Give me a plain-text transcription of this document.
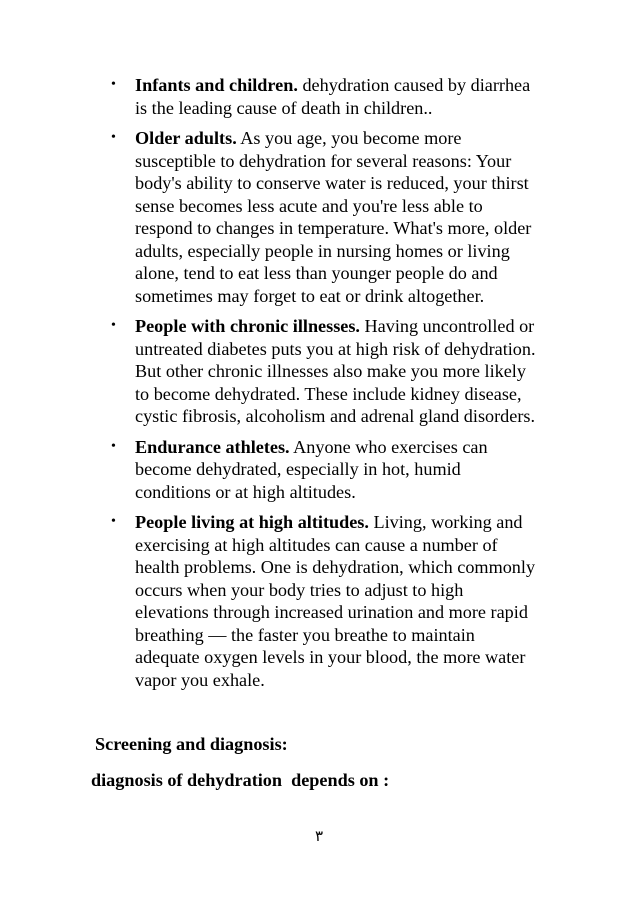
• Infants and children. dehydration caused by diarrhea is the leading cause of death in children..
• Older adults. As you age, you become more susceptible to dehydration for several reasons: Your body's ability to conserve water is reduced, your thirst sense becomes less acute and you're less able to respond to changes in temperature. What's more, older adults, especially people in nursing homes or living alone, tend to eat less than younger people do and sometimes may forget to eat or drink altogether.
• People with chronic illnesses. Having uncontrolled or untreated diabetes puts you at high risk of dehydration. But other chronic illnesses also make you more likely to become dehydrated. These include kidney disease, cystic fibrosis, alcoholism and adrenal gland disorders.
• Endurance athletes. Anyone who exercises can become dehydrated, especially in hot, humid conditions or at high altitudes.
• People living at high altitudes. Living, working and exercising at high altitudes can cause a number of health problems. One is dehydration, which commonly occurs when your body tries to adjust to high elevations through increased urination and more rapid breathing — the faster you breathe to maintain adequate oxygen levels in your blood, the more water vapor you exhale.
Screening and diagnosis:
diagnosis of dehydration  depends on :
٣
